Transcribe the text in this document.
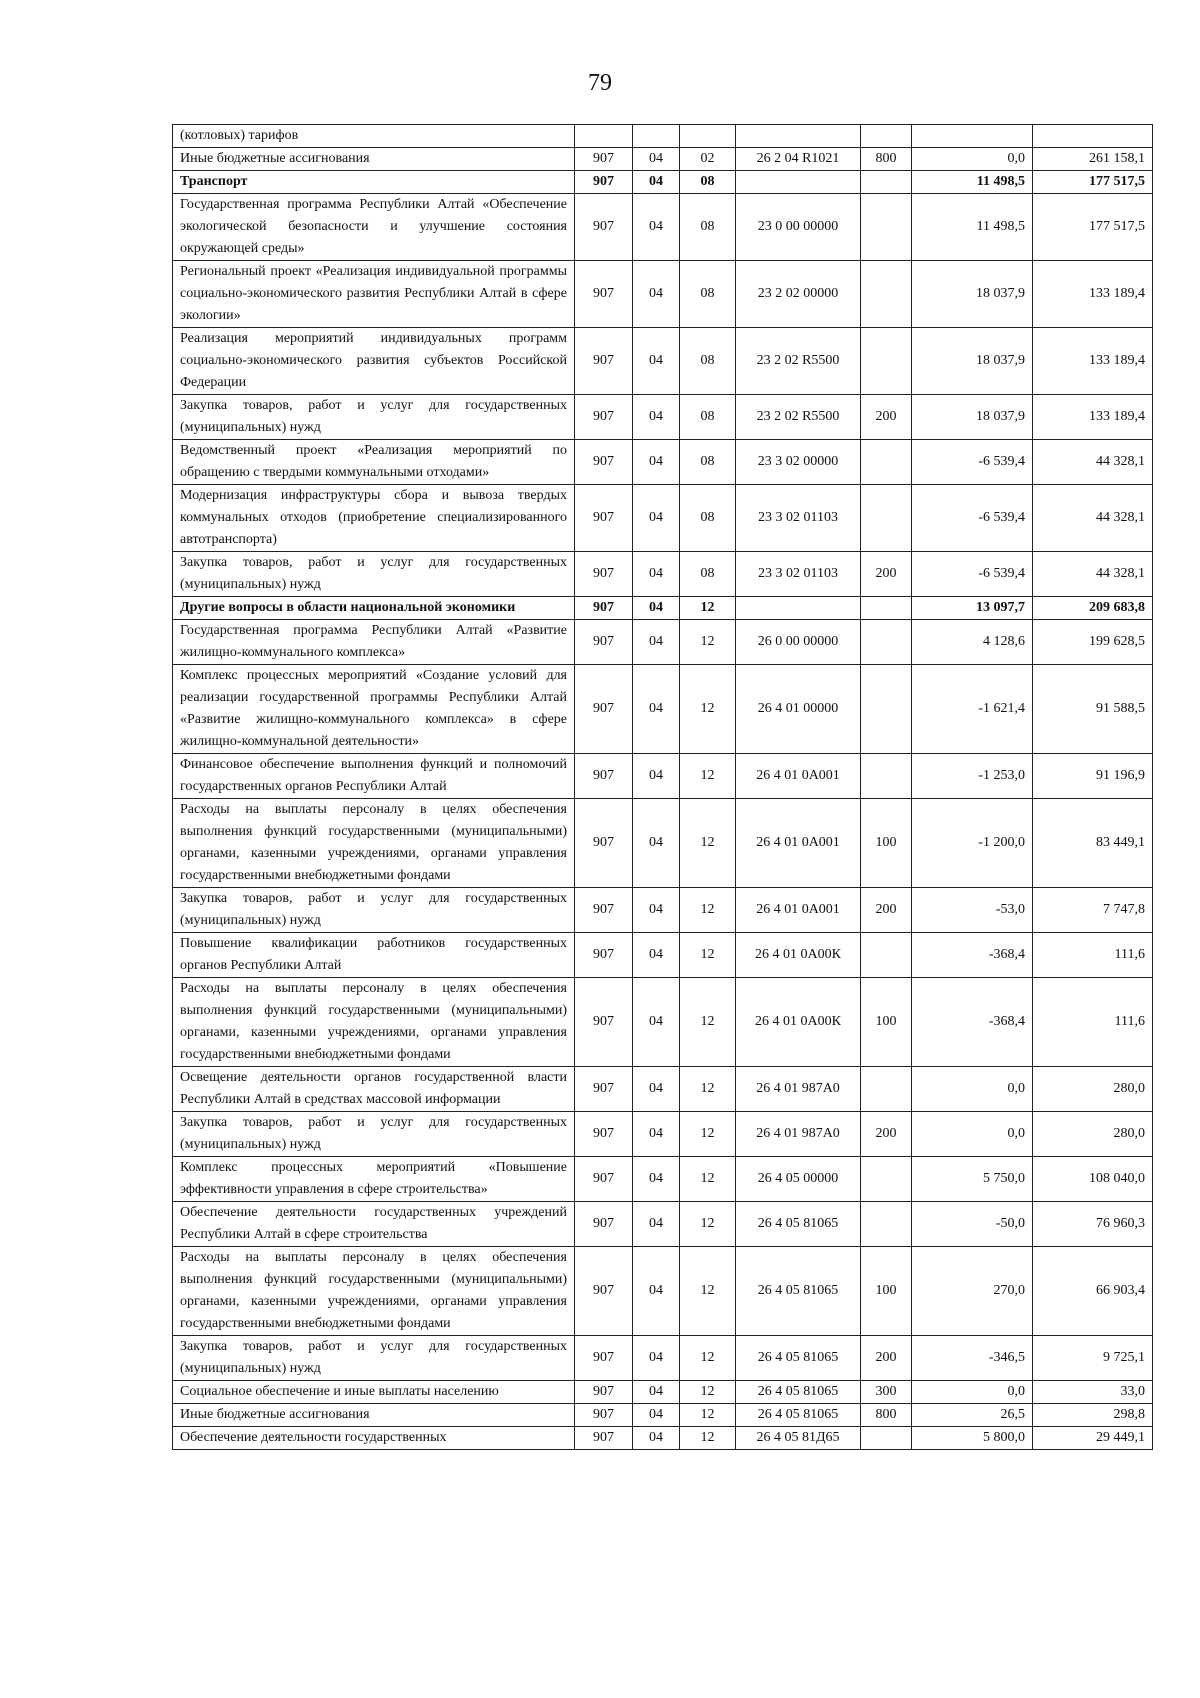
79
(котловых) тарифов							
Иные бюджетные ассигнования	907	04	02	26 2 04 R1021	800	0,0	261 158,1
Транспорт	907	04	08			11 498,5	177 517,5
Государственная программа Республики Алтай «Обеспечение экологической безопасности и улучшение состояния окружающей среды»	907	04	08	23 0 00 00000		11 498,5	177 517,5
Региональный проект «Реализация индивидуальной программы социально-экономического развития Республики Алтай в сфере экологии»	907	04	08	23 2 02 00000		18 037,9	133 189,4
Реализация мероприятий индивидуальных программ социально-экономического развития субъектов Российской Федерации	907	04	08	23 2 02 R5500		18 037,9	133 189,4
Закупка товаров, работ и услуг для государственных (муниципальных) нужд	907	04	08	23 2 02 R5500	200	18 037,9	133 189,4
Ведомственный проект «Реализация мероприятий по обращению с твердыми коммунальными отходами»	907	04	08	23 3 02 00000		-6 539,4	44 328,1
Модернизация инфраструктуры сбора и вывоза твердых коммунальных отходов (приобретение специализированного автотранспорта)	907	04	08	23 3 02 01103		-6 539,4	44 328,1
Закупка товаров, работ и услуг для государственных (муниципальных) нужд	907	04	08	23 3 02 01103	200	-6 539,4	44 328,1
Другие вопросы в области национальной экономики	907	04	12			13 097,7	209 683,8
Государственная программа Республики Алтай «Развитие жилищно-коммунального комплекса»	907	04	12	26 0 00 00000		4 128,6	199 628,5
Комплекс процессных мероприятий «Создание условий для реализации государственной программы Республики Алтай «Развитие жилищно-коммунального комплекса» в сфере жилищно-коммунальной деятельности»	907	04	12	26 4 01 00000		-1 621,4	91 588,5
Финансовое обеспечение выполнения функций и полномочий государственных органов Республики Алтай	907	04	12	26 4 01 0А001		-1 253,0	91 196,9
Расходы на выплаты персоналу в целях обеспечения выполнения функций государственными (муниципальными) органами, казенными учреждениями, органами управления государственными внебюджетными фондами	907	04	12	26 4 01 0А001	100	-1 200,0	83 449,1
Закупка товаров, работ и услуг для государственных (муниципальных) нужд	907	04	12	26 4 01 0А001	200	-53,0	7 747,8
Повышение квалификации работников государственных органов Республики Алтай	907	04	12	26 4 01 0А00К		-368,4	111,6
Расходы на выплаты персоналу в целях обеспечения выполнения функций государственными (муниципальными) органами, казенными учреждениями, органами управления государственными внебюджетными фондами	907	04	12	26 4 01 0А00К	100	-368,4	111,6
Освещение деятельности органов государственной власти Республики Алтай в средствах массовой информации	907	04	12	26 4 01 987А0		0,0	280,0
Закупка товаров, работ и услуг для государственных (муниципальных) нужд	907	04	12	26 4 01 987А0	200	0,0	280,0
Комплекс процессных мероприятий «Повышение эффективности управления в сфере строительства»	907	04	12	26 4 05 00000		5 750,0	108 040,0
Обеспечение деятельности государственных учреждений Республики Алтай в сфере строительства	907	04	12	26 4 05 81065		-50,0	76 960,3
Расходы на выплаты персоналу в целях обеспечения выполнения функций государственными (муниципальными) органами, казенными учреждениями, органами управления государственными внебюджетными фондами	907	04	12	26 4 05 81065	100	270,0	66 903,4
Закупка товаров, работ и услуг для государственных (муниципальных) нужд	907	04	12	26 4 05 81065	200	-346,5	9 725,1
Социальное обеспечение и иные выплаты населению	907	04	12	26 4 05 81065	300	0,0	33,0
Иные бюджетные ассигнования	907	04	12	26 4 05 81065	800	26,5	298,8
Обеспечение деятельности государственных	907	04	12	26 4 05 81Д65		5 800,0	29 449,1
